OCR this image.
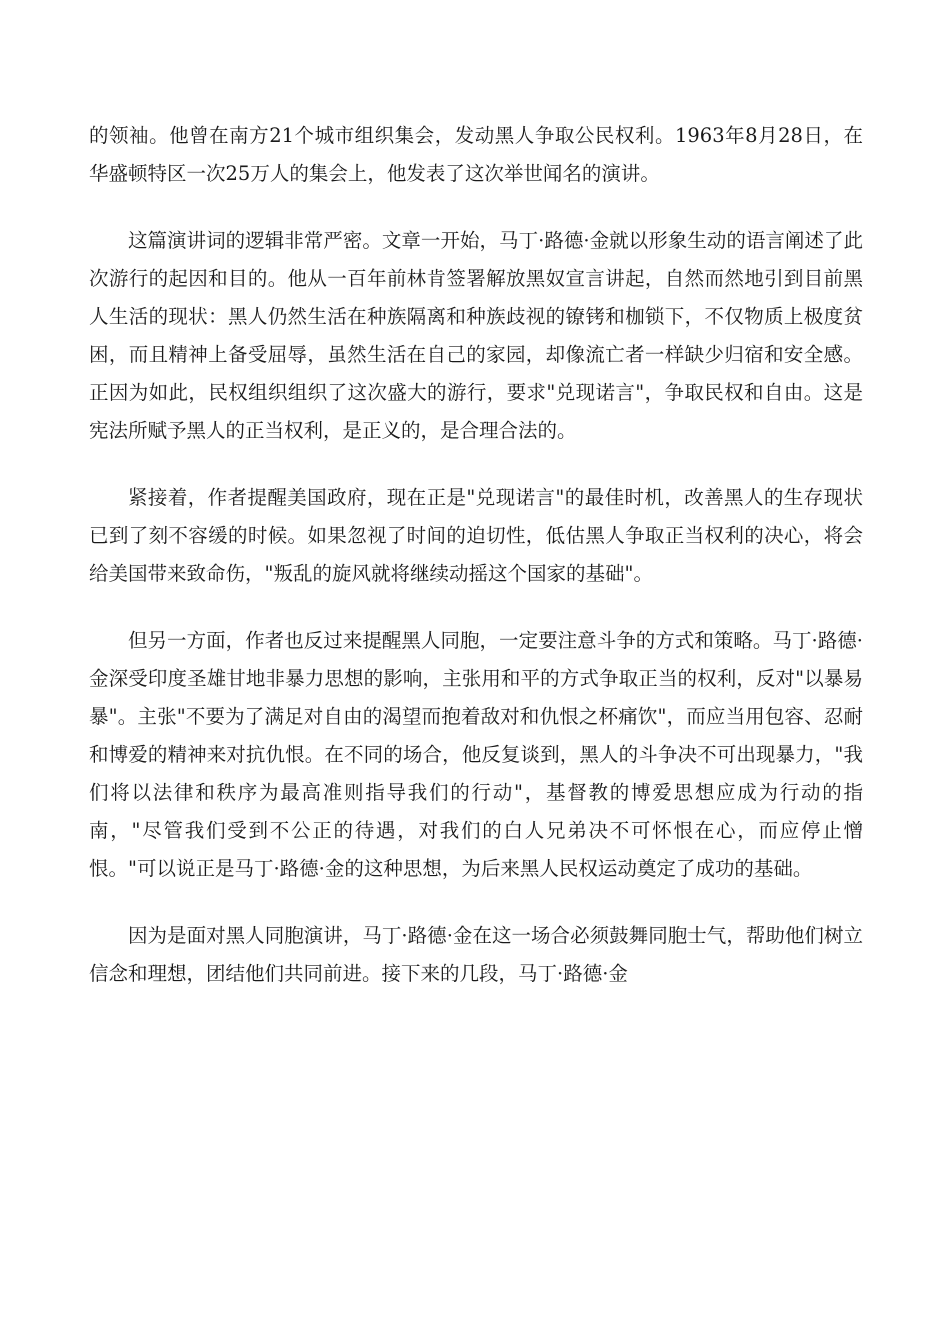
的领袖。他曾在南方21个城市组织集会，发动黑人争取公民权利。1963年8月28日，在华盛顿特区一次25万人的集会上，他发表了这次举世闻名的演讲。

这篇演讲词的逻辑非常严密。文章一开始，马丁·路德·金就以形象生动的语言阐述了此次游行的起因和目的。他从一百年前林肯签署解放黑奴宣言讲起，自然而然地引到目前黑人生活的现状：黑人仍然生活在种族隔离和种族歧视的镣铐和枷锁下，不仅物质上极度贫困，而且精神上备受屈辱，虽然生活在自己的家园，却像流亡者一样缺少归宿和安全感。正因为如此，民权组织组织了这次盛大的游行，要求"兑现诺言"，争取民权和自由。这是宪法所赋予黑人的正当权利，是正义的，是合理合法的。

紧接着，作者提醒美国政府，现在正是"兑现诺言"的最佳时机，改善黑人的生存现状已到了刻不容缓的时候。如果忽视了时间的迫切性，低估黑人争取正当权利的决心，将会给美国带来致命伤，"叛乱的旋风就将继续动摇这个国家的基础"。

但另一方面，作者也反过来提醒黑人同胞，一定要注意斗争的方式和策略。马丁·路德·金深受印度圣雄甘地非暴力思想的影响，主张用和平的方式争取正当的权利，反对"以暴易暴"。主张"不要为了满足对自由的渴望而抱着敌对和仇恨之杯痛饮"，而应当用包容、忍耐和博爱的精神来对抗仇恨。在不同的场合，他反复谈到，黑人的斗争决不可出现暴力，"我们将以法律和秩序为最高准则指导我们的行动"，基督教的博爱思想应成为行动的指南，"尽管我们受到不公正的待遇，对我们的白人兄弟决不可怀恨在心，而应停止憎恨。"可以说正是马丁·路德·金的这种思想，为后来黑人民权运动奠定了成功的基础。

因为是面对黑人同胞演讲，马丁·路德·金在这一场合必须鼓舞同胞士气，帮助他们树立信念和理想，团结他们共同前进。接下来的几段，马丁·路德·金
